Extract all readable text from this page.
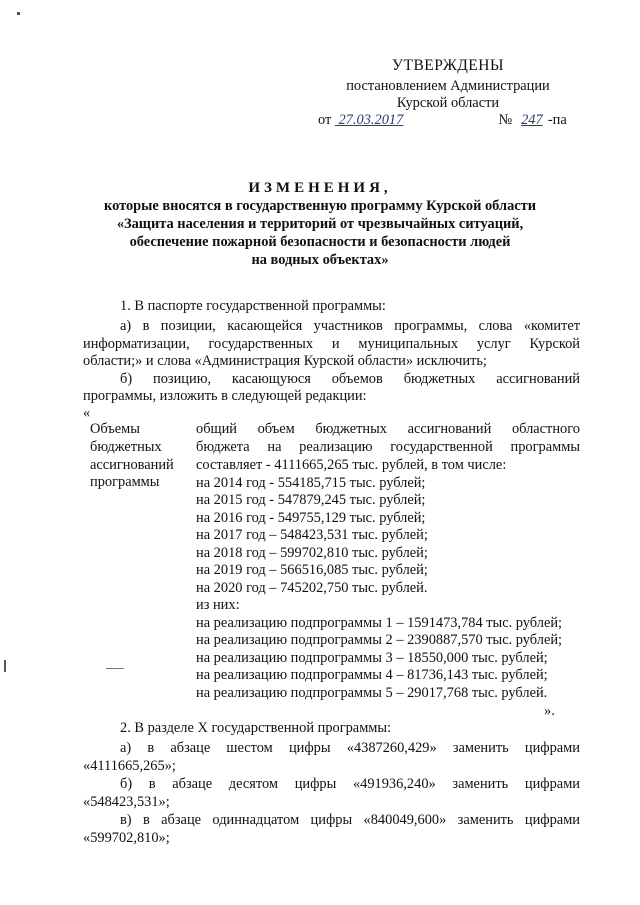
УТВЕРЖДЕНЫ
постановлением Администрации
Курской области
от 27.03.2017	№ 247 -па
ИЗМЕНЕНИЯ,
которые вносятся в государственную программу Курской области
«Защита населения и территорий от чрезвычайных ситуаций,
обеспечение пожарной безопасности и безопасности людей
на водных объектах»
1. В паспорте государственной программы:
а) в позиции, касающейся участников программы, слова «комитет
информатизации, государственных и муниципальных услуг Курской
области;» и слова «Администрация Курской области» исключить;
б) позицию, касающуюся объемов бюджетных ассигнований
программы, изложить в следующей редакции:
«
Объемы
бюджетных
ассигнований
программы
общий объем бюджетных ассигнований областного
бюджета на реализацию государственной программы
составляет - 4111665,265 тыс. рублей, в том числе:
на 2014 год - 554185,715 тыс. рублей;
на 2015 год - 547879,245 тыс. рублей;
на 2016 год - 549755,129 тыс. рублей;
на 2017 год – 548423,531 тыс. рублей;
на 2018 год – 599702,810 тыс. рублей;
на 2019 год – 566516,085 тыс. рублей;
на 2020 год – 745202,750 тыс. рублей.
из них:
на реализацию подпрограммы 1 – 1591473,784 тыс. рублей;
на реализацию подпрограммы 2 – 2390887,570 тыс. рублей;
на реализацию подпрограммы 3 – 18550,000 тыс. рублей;
на реализацию подпрограммы 4 – 81736,143 тыс. рублей;
на реализацию подпрограммы 5 – 29017,768 тыс. рублей.
».
2. В разделе X государственной программы:
а) в абзаце шестом цифры «4387260,429» заменить цифрами
«4111665,265»;
б) в абзаце десятом цифры «491936,240» заменить цифрами
«548423,531»;
в) в абзаце одиннадцатом цифры «840049,600» заменить цифрами
«599702,810»;
